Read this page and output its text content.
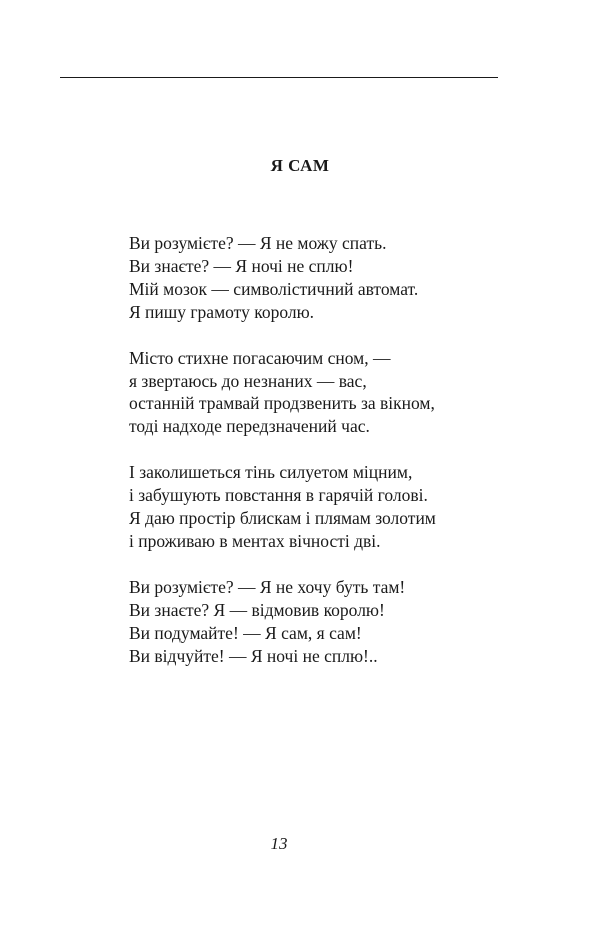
Я САМ
Ви розумієте? — Я не можу спать.
Ви знаєте? — Я ночі не сплю!
Мій мозок — символістичний автомат.
Я пишу грамоту королю.
Місто стихне погасаючим сном, —
я звертаюсь до незнаних — вас,
останній трамвай продзвенить за вікном,
тоді надходе передзначений час.
І заколишеться тінь силуетом міцним,
і забушують повстання в гарячій голові.
Я даю простір блискам і плямам золотим
і проживаю в ментах вічності дві.
Ви розумієте? — Я не хочу буть там!
Ви знаєте? Я — відмовив королю!
Ви подумайте! — Я сам, я сам!
Ви відчуйте! — Я ночі не сплю!..
13
